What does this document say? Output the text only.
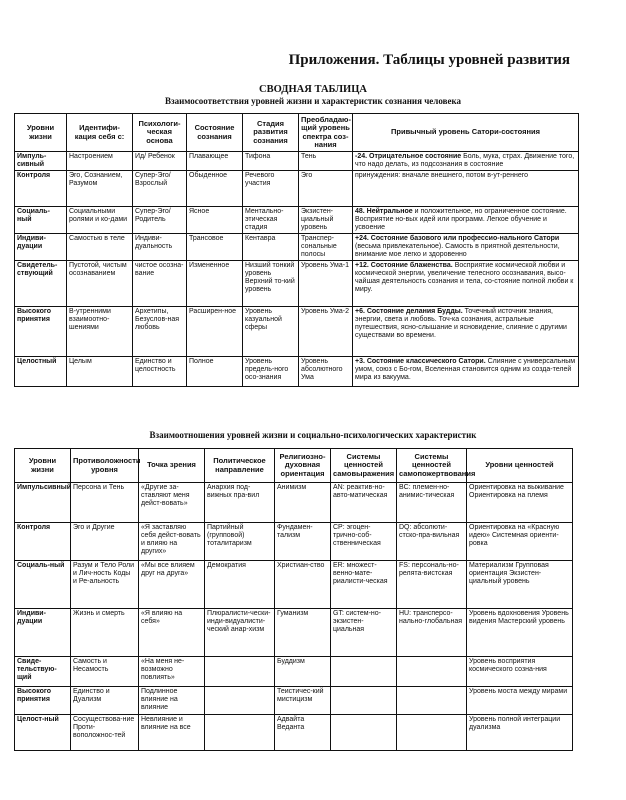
Приложения. Таблицы уровней развития
СВОДНАЯ ТАБЛИЦА
Взаимосоответствия уровней жизни и характеристик сознания человека
Уровни жизни	Идентифи-кация себя с:	Психологи-ческая основа	Состояние сознания	Стадия развития сознания	Преобладаю-щий уровень спектра соз-нания	Привычный уровень Сатори-состояния
Импуль-сивный	Настроением	Ид/ Ребенок	Плавающее	Тифона	Тень	-24. Отрицательное состояние Боль, мука, страх. Движение того, что надо делать, из подсознания в состояние
Контроля	Эго, Сознанием, Разумом	Супер-Эго/ Взрослый	Обыденное	Речевого участия	Эго	принуждения: вначале внешнего, потом в-ут-реннего
Социаль-ный	Социальными ролями и ко-дами	Супер-Эго/ Родитель	Ясное	Ментально-этическая стадия	Экзистен-циальный уровень	48. Нейтральное и положительное, но ограниченное состояние. Восприятие но-вых идей или программ. Легкое обучение и усвоение
Индиви-дуации	Самостью в теле	Индиви-дуальность	Трансовое	Кентавра	Транспер-сональные полосы	+24. Состояние базового или профессио-нального Сатори (весьма привлекательное). Самость в приятной деятельности, внимание мое легко и здоровенно
Свидетель-ствующий	Пустотой, чистым осознаванием	чистое осозна-вание	Измененное	Низший тонкий уровень Верхний то-кий уровень	Уровень Ума-1	+12. Состояние блаженства. Восприятие космической любви и космической энергии, увеличение телесного осознавания, высо-чайшая деятельность сознания и тела, со-стояние полной любви к миру.
Высокого принятия	В-утренними взаимоотно-шениями	Архетипы, Безуслов-ная любовь	Расширен-ное	Уровень казуальной сферы	Уровень Ума-2	+6. Состояние делания Будды. Точечный источник знания, энергии, света и любовь. Точ-ка сознания, астральные путешествия, ясно-слышание и ясновидение, слияние с другими существами во времени.
Целостный	Целым	Единство и целостность	Полное	Уровень предель-ного осо-знания	Уровень абсолютного Ума	+3. Состояние классического Сатори. Слияние с универсальным умом, союз с Бо-гом, Вселенная становится одним из созда-телей мира из вакуума.
Взаимоотношения уровней жизни и социально-психологических характеристик
Уровни жизни	Противоложности уровня	Точка зрения	Политическое направление	Религиозно-духовная ориентация	Системы ценностей самовыражения	Системы ценностей самопожертвования	Уровни ценностей
Импульсивный	Персона и Тень	«Другие за-ставляют меня дейст-вовать»	Анархия под-вижных пра-вил	Анимизм	AN: реактив-но-авто-матическая	BC: племен-но-анимис-тическая	Ориентировка на выживание Ориентировка на племя
Контроля	Эго и Другие	«Я заставляю себя дейст-вовать и влияю на других»	Партийный (групповой) тоталитаризм	Фундамен-тализм	CP: эгоцен-трично-соб-ственническая	DQ: абсолюти-стско-пра-вильная	Ориентировка на «Красную идею» Системная ориенти-ровка
Социаль-ный	Разум и Тело Роли и Лич-ность Коды и Ре-альность	«Мы все влияем друг на друга»	Демократия	Христиан-ство	ER: множест-венно-мате-риалисти-ческая	FS: персональ-но-релята-вистская	Материализм Групповая ориентация Экзистен-циальный уровень
Индиви-дуации	Жизнь и смерть	«Я влияю на себя»	Плюралисти-чески-инди-видуалисти-ческий анар-хизм	Гуманизм	GT: систем-но-экзистен-циальная	HU: трансперсо-нально-глобальная	Уровень вдохновения Уровень видения Мастерский уровень
Свиде-тельствую-щий	Самость и Несамость	«На меня не-возможно повлиять»		Буддизм			Уровень восприятия космического созна-ния
Высокого принятия	Единство и Дуализм	Подлинное влияние на влияние		Теистичес-кий мистицизм			Уровень моста между мирами
Целост-ный	Сосуществова-ние Проти-воположнос-тей	Невлияние и влияние на все		Адвайта Веданта			Уровень полной интеграции дуализма
